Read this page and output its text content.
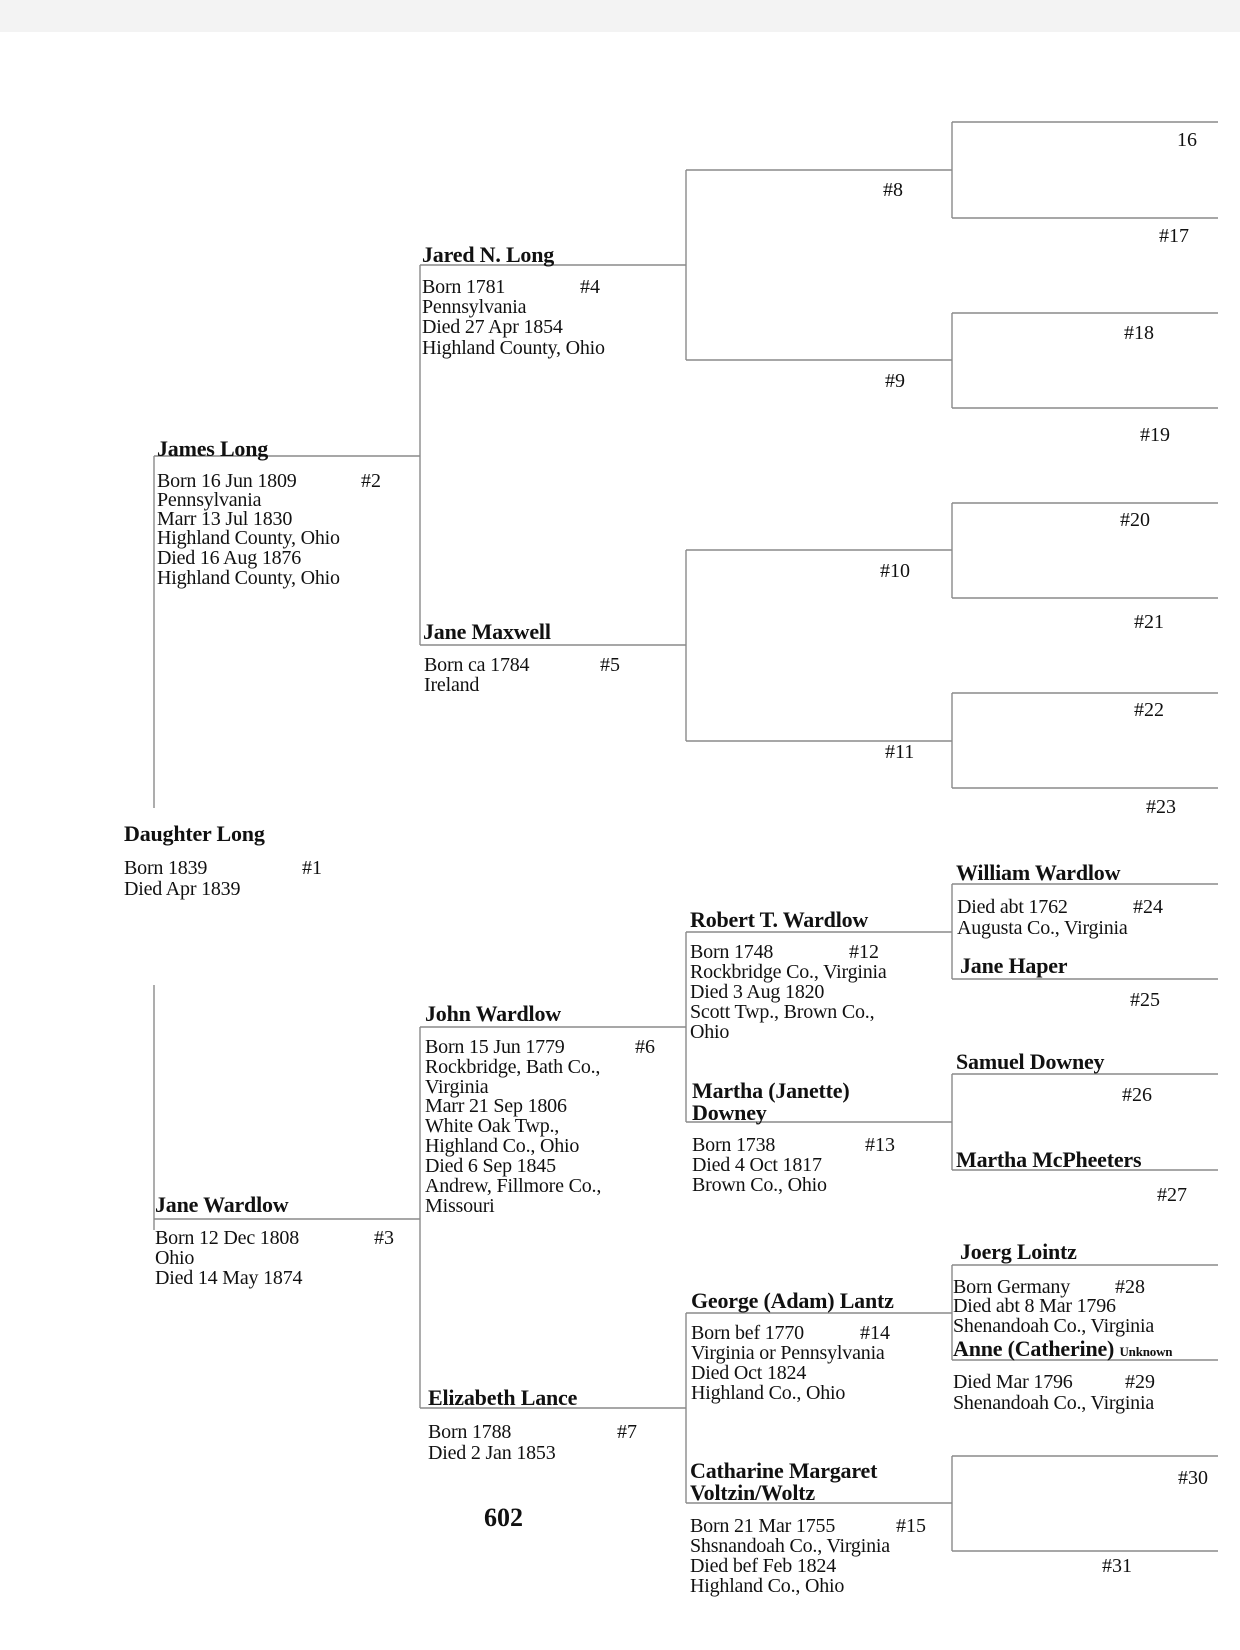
Daughter Long
Born 1839
Died Apr 1839
#1
James Long
Born 16 Jun 1809
Pennsylvania
Marr 13 Jul 1830
Highland County, Ohio
Died 16 Aug 1876
Highland County, Ohio
#2
Jane Wardlow
Born 12 Dec 1808
Ohio
Died 14 May 1874
#3
Jared N. Long
Born 1781
Pennsylvania
Died 27 Apr 1854
Highland County, Ohio
#4
Jane Maxwell
Born ca 1784
Ireland
#5
John Wardlow
Born 15 Jun 1779
Rockbridge, Bath Co.,
Virginia
Marr 21 Sep 1806
White Oak Twp.,
Highland Co., Ohio
Died 6 Sep 1845
Andrew, Fillmore Co.,
Missouri
#6
Elizabeth Lance
Born 1788
Died 2 Jan 1853
#7
#8
#9
#10
#11
Robert T. Wardlow
Born 1748
Rockbridge Co., Virginia
Died 3 Aug 1820
Scott Twp., Brown Co.,
Ohio
#12
Martha (Janette)
Downey
Born 1738
Died 4 Oct 1817
Brown Co., Ohio
#13
George (Adam) Lantz
Born bef 1770
Virginia or Pennsylvania
Died Oct 1824
Highland Co., Ohio
#14
Catharine Margaret
Voltzin/Woltz
Born 21 Mar 1755
Shsnandoah Co., Virginia
Died bef Feb 1824
Highland Co., Ohio
#15
16
#17
#18
#19
#20
#21
#22
#23
William Wardlow
Died abt 1762
Augusta Co., Virginia
#24
Jane Haper
#25
Samuel Downey
#26
Martha McPheeters
#27
Joerg Lointz
Born Germany
Died abt 8 Mar 1796
Shenandoah Co., Virginia
#28
Anne (Catherine) Unknown
Died Mar 1796
Shenandoah Co., Virginia
#29
#30
#31
602
